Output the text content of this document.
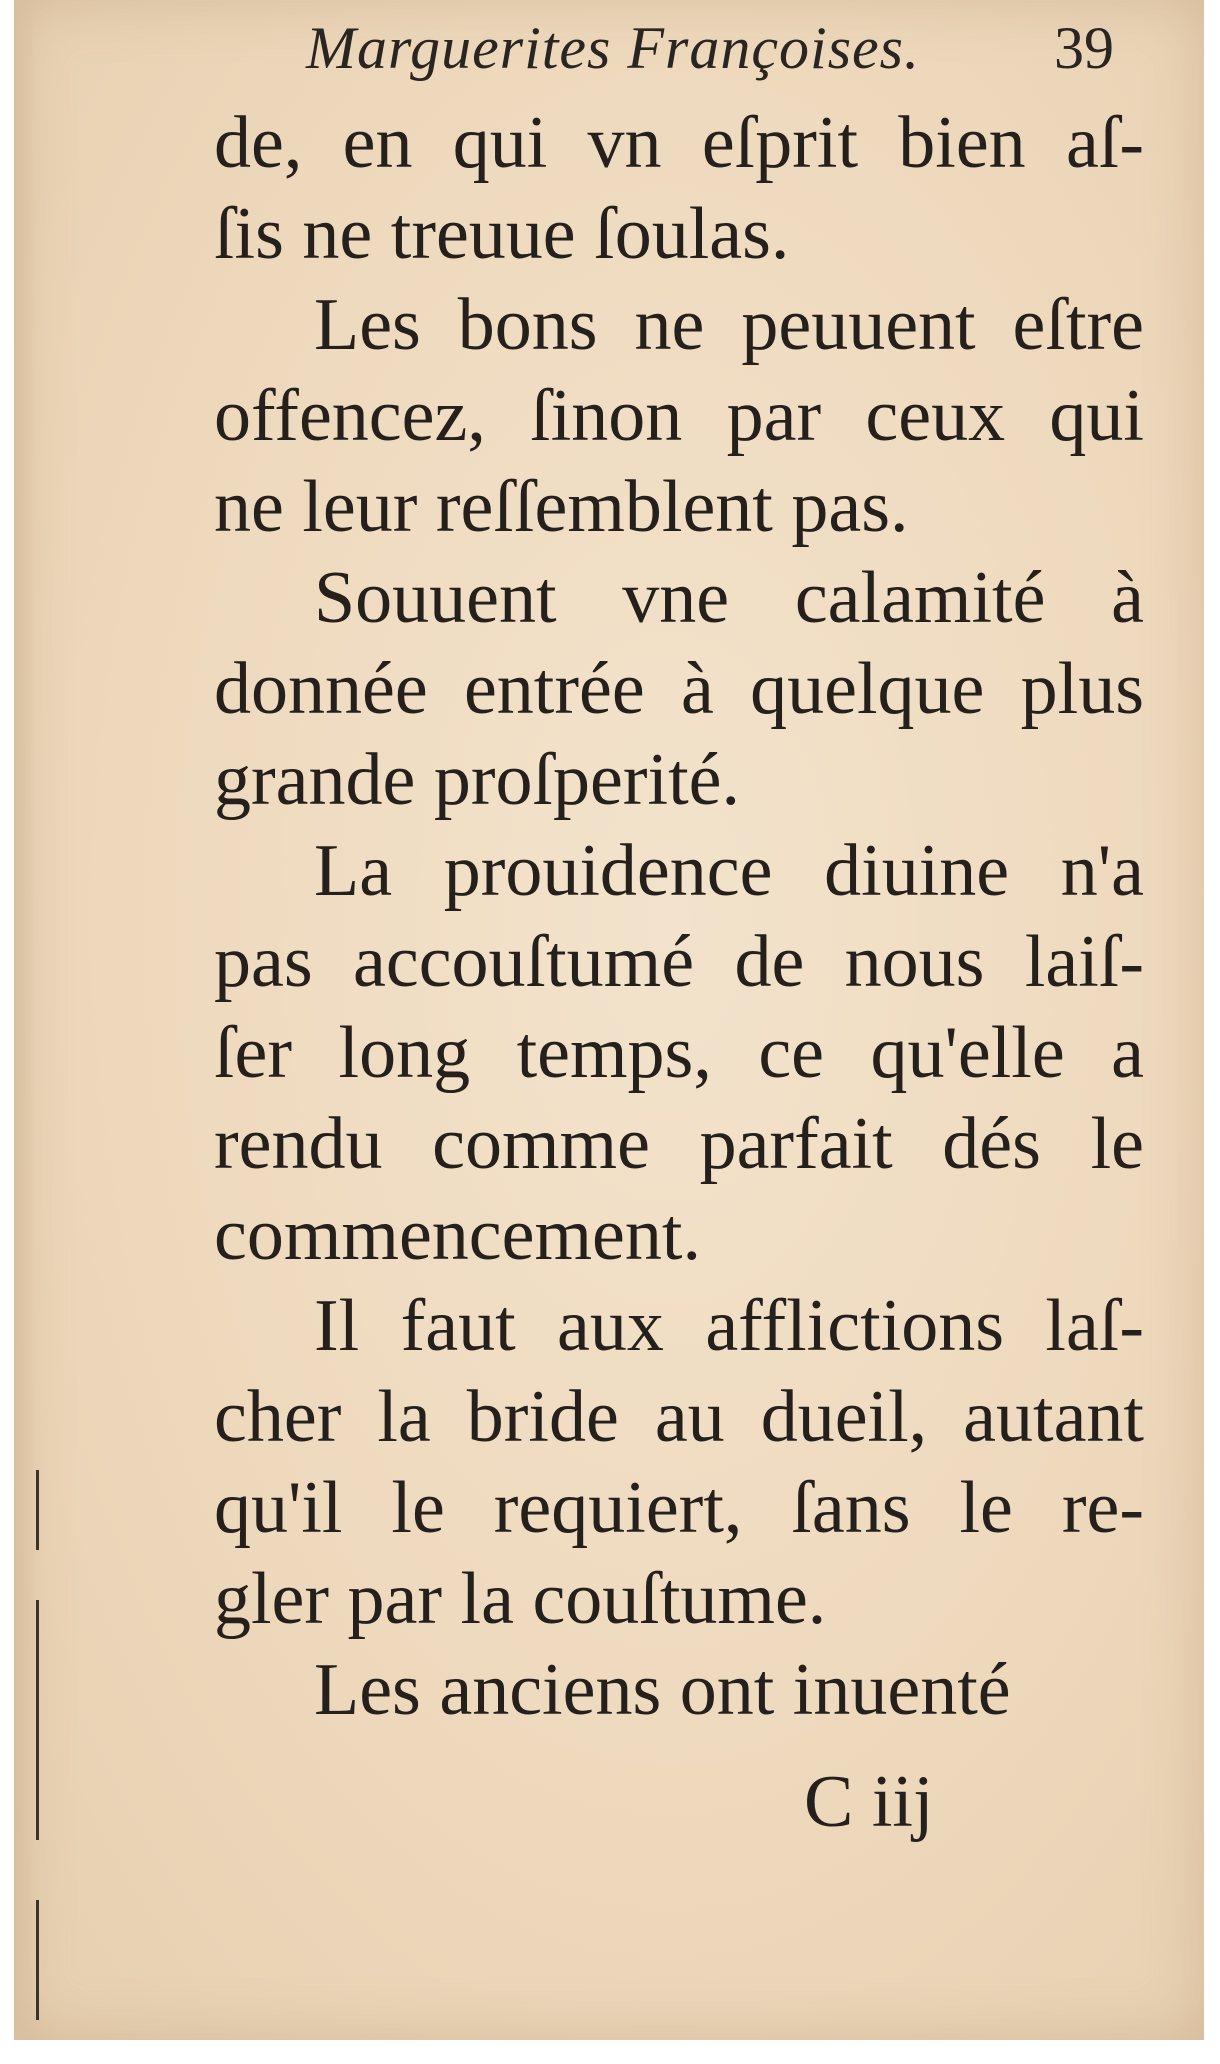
Marguerites Françoises. 39
de, en qui vn eſprit bien aſ-
ſis ne treuue ſoulas.
Les bons ne peuuent eſtre
offencez, ſinon par ceux qui
ne leur reſſemblent pas.
Souuent vne calamité à
donnée entrée à quelque plus
grande proſperité.
La prouidence diuine n'a
pas accouſtumé de nous laiſ-
ſer long temps, ce qu'elle a
rendu comme parfait dés le
commencement.
Il faut aux afflictions laſ-
cher la bride au dueil, autant
qu'il le requiert, ſans le re-
gler par la couſtume.
Les anciens ont inuenté
C iij
